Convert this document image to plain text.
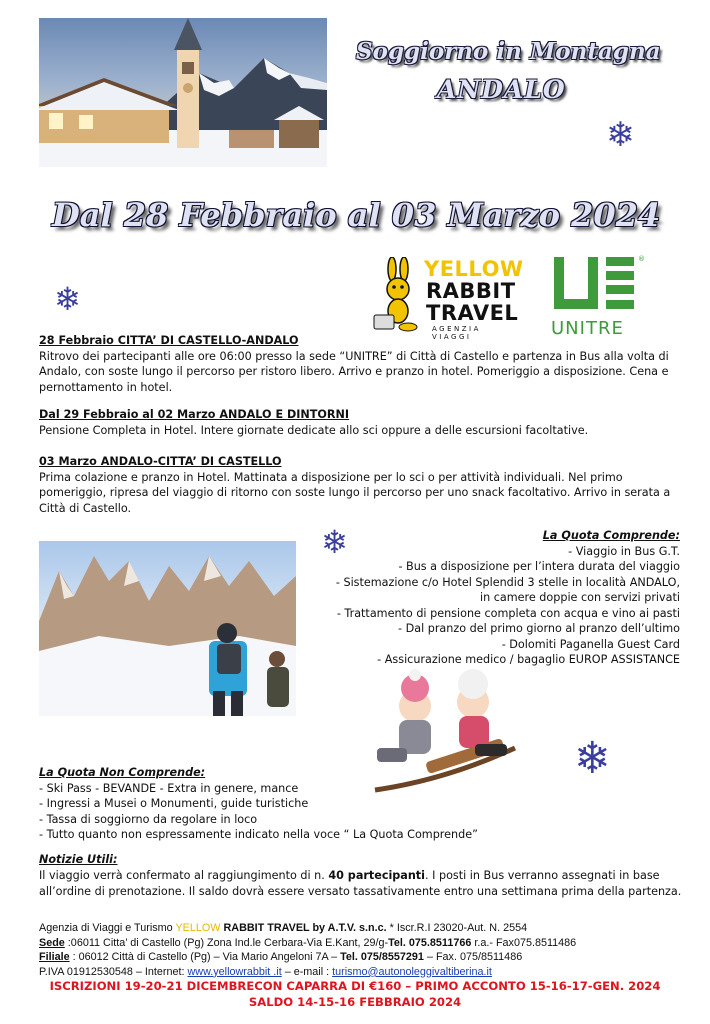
Soggiorno in Montagna
ANDALO
❄
Dal 28 Febbraio al 03 Marzo 2024
❄
YELLOW
RABBIT
TRAVEL
AGENZIA VIAGGI
®
UNITRE
28 Febbraio CITTA’ DI CASTELLO-ANDALO
Ritrovo dei partecipanti alle ore 06:00 presso la sede “UNITRE” di Città di Castello e partenza in Bus alla volta di Andalo, con soste lungo il percorso per ristoro libero. Arrivo e pranzo in hotel. Pomeriggio a disposizione. Cena e pernottamento in hotel.
Dal 29 Febbraio al 02 Marzo ANDALO E DINTORNI
Pensione Completa in Hotel. Intere giornate dedicate allo sci oppure a delle escursioni facoltative.
03 Marzo ANDALO-CITTA’ DI CASTELLO
Prima colazione e pranzo in Hotel. Mattinata a disposizione per lo sci o per attività individuali. Nel primo pomeriggio, ripresa del viaggio di ritorno con soste lungo il percorso per uno snack facoltativo. Arrivo in serata a Città di Castello.
❄	La Quota Comprende:
- Viaggio in Bus G.T.
- Bus a disposizione per l’intera durata del viaggio
- Sistemazione c/o Hotel Splendid 3 stelle in località ANDALO,
in camere doppie con servizi privati
- Trattamento di pensione completa con acqua e vino ai pasti
- Dal pranzo del primo giorno al pranzo dell’ultimo
- Dolomiti Paganella Guest Card
- Assicurazione medico / bagaglio EUROP ASSISTANCE
❄
La Quota Non Comprende:
- Ski Pass - BEVANDE - Extra in genere, mance
- Ingressi a Musei o Monumenti, guide turistiche
- Tassa di soggiorno da regolare in loco
- Tutto quanto non espressamente indicato nella voce “ La Quota Comprende”
Notizie Utili:
Il viaggio verrà confermato al raggiungimento di n. 40 partecipanti. I posti in Bus verranno assegnati in base all’ordine di prenotazione. Il saldo dovrà essere versato tassativamente entro una settimana prima della partenza.
Agenzia di Viaggi e Turismo YELLOW RABBIT TRAVEL by A.T.V. s.n.c. * Iscr.R.I 23020-Aut. N. 2554
Sede :06011 Citta’ di Castello (Pg) Zona Ind.le Cerbara-Via E.Kant, 29/g-Tel. 075.8511766 r.a.- Fax075.8511486
Filiale : 06012 Città di Castello (Pg) – Via Mario Angeloni 7A – Tel. 075/8557291 – Fax. 075/8511486
P.IVA 01912530548 – Internet: www.yellowrabbit .it – e-mail : turismo@autonoleggivaltiberina.it
ISCRIZIONI 19-20-21 DICEMBRECON CAPARRA DI €160 – PRIMO ACCONTO 15-16-17-GEN. 2024
SALDO 14-15-16 FEBBRAIO 2024
